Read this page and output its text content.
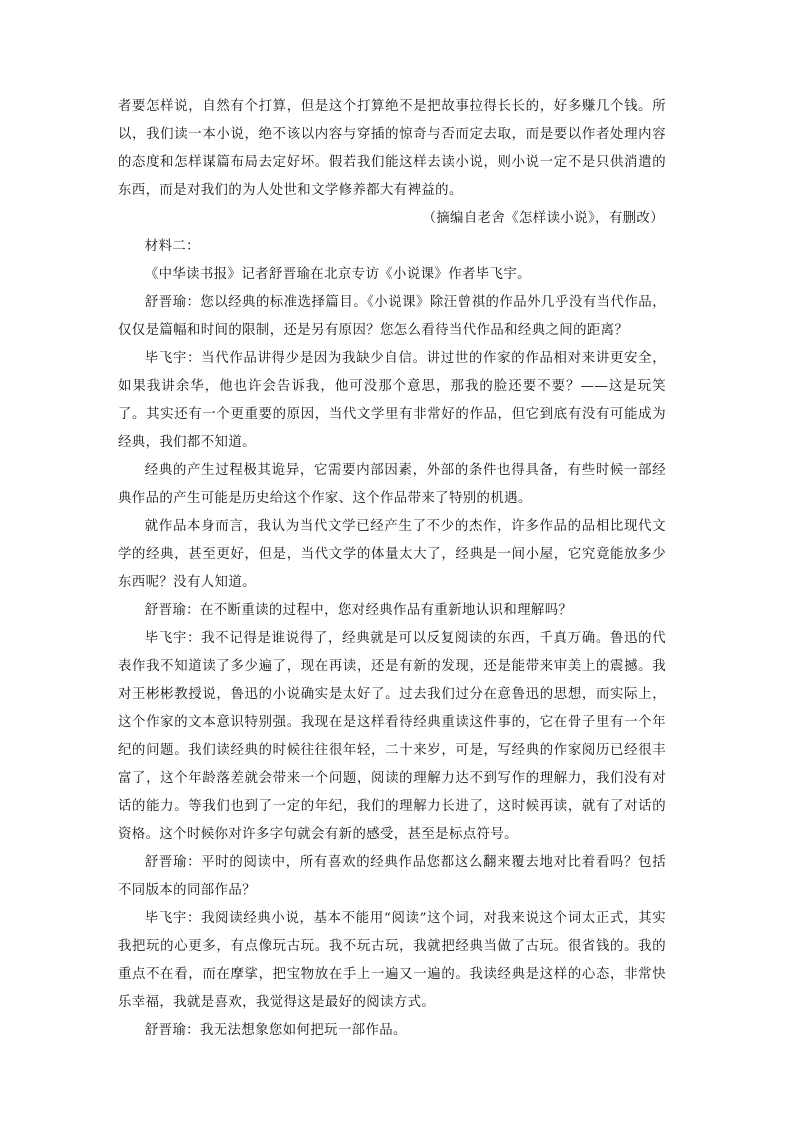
者要怎样说，自然有个打算，但是这个打算绝不是把故事拉得长长的，好多赚几个钱。所以，我们读一本小说，绝不该以内容与穿插的惊奇与否而定去取，而是要以作者处理内容的态度和怎样谋篇布局去定好坏。假若我们能这样去读小说，则小说一定不是只供消遣的东西，而是对我们的为人处世和文学修养都大有裨益的。

（摘编自老舍《怎样读小说》，有删改）

材料二：

《中华读书报》记者舒晋瑜在北京专访《小说课》作者毕飞宇。

舒晋瑜：您以经典的标准选择篇目。《小说课》除汪曾祺的作品外几乎没有当代作品，仅仅是篇幅和时间的限制，还是另有原因？您怎么看待当代作品和经典之间的距离？

毕飞宇：当代作品讲得少是因为我缺少自信。讲过世的作家的作品相对来讲更安全，如果我讲余华，他也许会告诉我，他可没那个意思，那我的脸还要不要？——这是玩笑了。其实还有一个更重要的原因，当代文学里有非常好的作品，但它到底有没有可能成为经典，我们都不知道。

经典的产生过程极其诡异，它需要内部因素，外部的条件也得具备，有些时候一部经典作品的产生可能是历史给这个作家、这个作品带来了特别的机遇。

就作品本身而言，我认为当代文学已经产生了不少的杰作，许多作品的品相比现代文学的经典，甚至更好，但是，当代文学的体量太大了，经典是一间小屋，它究竟能放多少东西呢？没有人知道。

舒晋瑜：在不断重读的过程中，您对经典作品有重新地认识和理解吗？

毕飞宇：我不记得是谁说得了，经典就是可以反复阅读的东西，千真万确。鲁迅的代表作我不知道读了多少遍了，现在再读，还是有新的发现，还是能带来审美上的震撼。我对王彬彬教授说，鲁迅的小说确实是太好了。过去我们过分在意鲁迅的思想，而实际上，这个作家的文本意识特别强。我现在是这样看待经典重读这件事的，它在骨子里有一个年纪的问题。我们读经典的时候往往很年轻，二十来岁，可是，写经典的作家阅历已经很丰富了，这个年龄落差就会带来一个问题，阅读的理解力达不到写作的理解力，我们没有对话的能力。等我们也到了一定的年纪，我们的理解力长进了，这时候再读，就有了对话的资格。这个时候你对许多字句就会有新的感受，甚至是标点符号。

舒晋瑜：平时的阅读中，所有喜欢的经典作品您都这么翻来覆去地对比着看吗？包括不同版本的同部作品？

毕飞宇：我阅读经典小说，基本不能用“阅读”这个词，对我来说这个词太正式，其实我把玩的心更多，有点像玩古玩。我不玩古玩，我就把经典当做了古玩。很省钱的。我的重点不在看，而在摩挲，把宝物放在手上一遍又一遍的。我读经典是这样的心态，非常快乐幸福，我就是喜欢，我觉得这是最好的阅读方式。

舒晋瑜：我无法想象您如何把玩一部作品。
